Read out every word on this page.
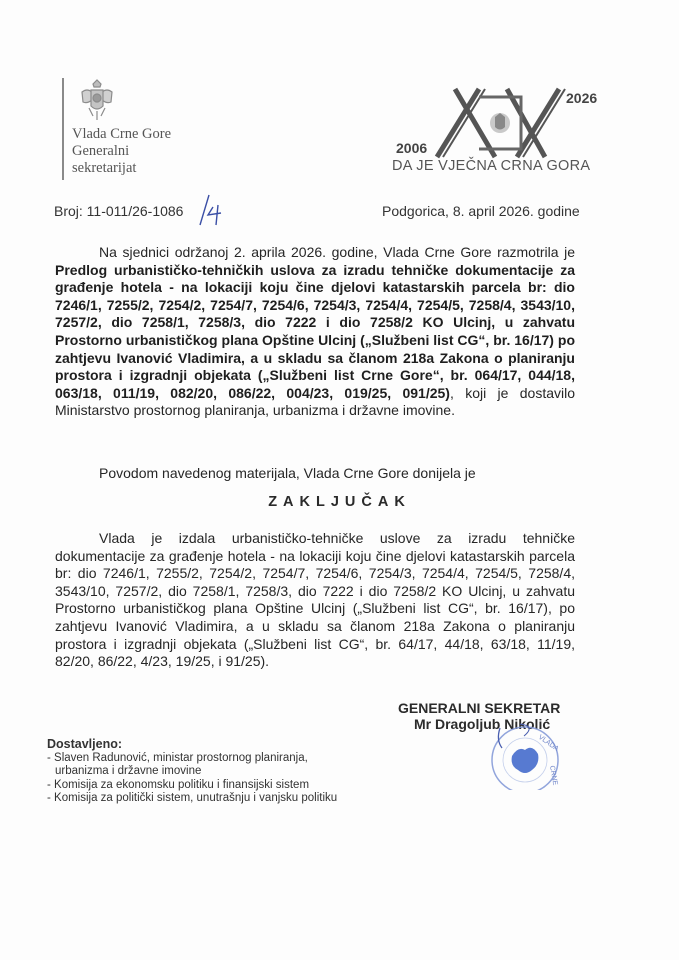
Vlada Crne Gore
Generalni
sekretarijat
2026
2006
DA JE VJEČNA CRNA GORA
Broj: 11-011/26-1086	Podgorica, 8. april 2026. godine
Na sjednici održanoj 2. aprila 2026. godine, Vlada Crne Gore razmotrila je Predlog urbanističko-tehničkih uslova za izradu tehničke dokumentacije za građenje hotela - na lokaciji koju čine djelovi katastarskih parcela br: dio 7246/1, 7255/2, 7254/2, 7254/7, 7254/6, 7254/3, 7254/4, 7254/5, 7258/4, 3543/10, 7257/2, dio 7258/1, 7258/3, dio 7222 i dio 7258/2 KO Ulcinj, u zahvatu Prostorno urbanističkog plana Opštine Ulcinj („Službeni list CG“, br. 16/17) po zahtjevu Ivanović Vladimira, a u skladu sa članom 218a Zakona o planiranju prostora i izgradnji objekata („Službeni list Crne Gore“, br. 064/17, 044/18, 063/18, 011/19, 082/20, 086/22, 004/23, 019/25, 091/25), koji je dostavilo Ministarstvo prostornog planiranja, urbanizma i državne imovine.
Povodom navedenog materijala, Vlada Crne Gore donijela je
ZAKLJUČAK
Vlada je izdala urbanističko-tehničke uslove za izradu tehničke dokumentacije za građenje hotela - na lokaciji koju čine djelovi katastarskih parcela br: dio 7246/1, 7255/2, 7254/2, 7254/7, 7254/6, 7254/3, 7254/4, 7254/5, 7258/4, 3543/10, 7257/2, dio 7258/1, 7258/3, dio 7222 i dio 7258/2 KO Ulcinj, u zahvatu Prostorno urbanističkog plana Opštine Ulcinj („Službeni list CG“, br. 16/17), po zahtjevu Ivanović Vladimira, a u skladu sa članom 218a Zakona o planiranju prostora i izgradnji objekata („Službeni list CG“, br. 64/17, 44/18, 63/18, 11/19, 82/20, 86/22, 4/23, 19/25, i 91/25).
GENERALNI SEKRETAR
Mr Dragoljub Nikolić
VLADA
CRNE
Dostavljeno:
- Slaven Radunović, ministar prostornog planiranja,
urbanizma i državne imovine
- Komisija za ekonomsku politiku i finansijski sistem
- Komisija za politički sistem, unutrašnju i vanjsku politiku
